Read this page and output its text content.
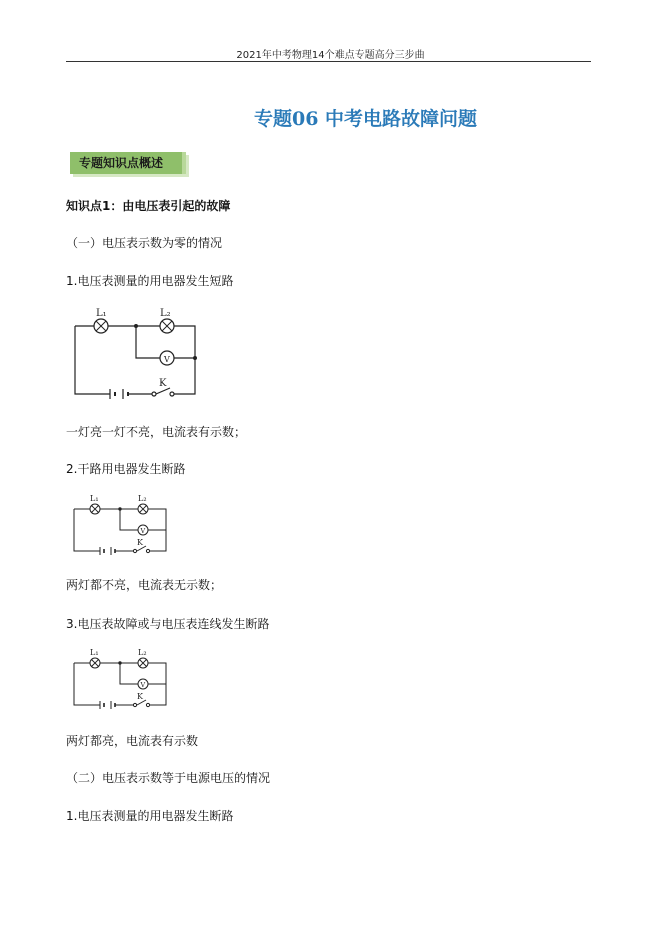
2021年中考物理14个难点专题高分三步曲
专题06 中考电路故障问题
专题知识点概述
知识点1：由电压表引起的故障
（一）电压表示数为零的情况
1.电压表测量的用电器发生短路
K
L₁	L₂
V
一灯亮一灯不亮，电流表有示数；
2.干路用电器发生断路
K
L₁	L₂
V
两灯都不亮，电流表无示数；
3.电压表故障或与电压表连线发生断路
K
L₁	L₂
V
两灯都亮，电流表有示数
（二）电压表示数等于电源电压的情况
1.电压表测量的用电器发生断路
